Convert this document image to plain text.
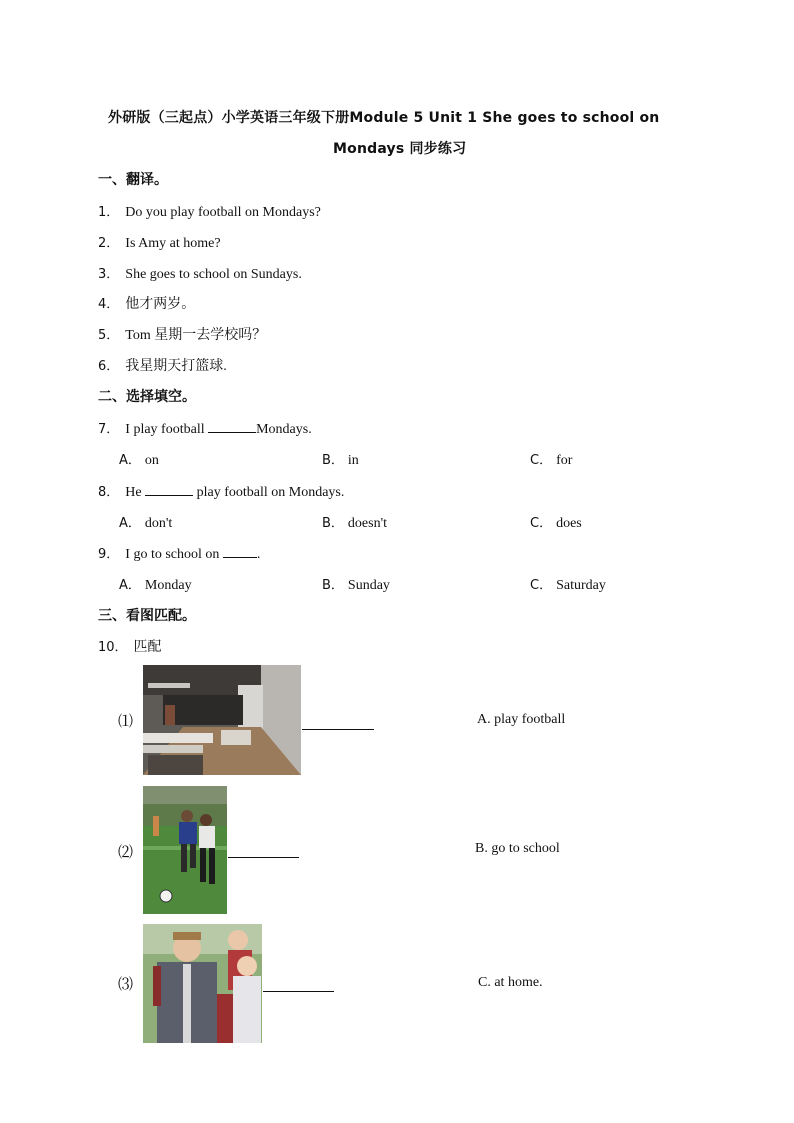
外研版（三起点）小学英语三年级下册Module 5 Unit 1 She goes to school on
Mondays 同步练习
一、翻译。
1． Do you play football on Mondays?
2． Is Amy at home?
3． She goes to school on Sundays.
4． 他才两岁。
5． Tom 星期一去学校吗？
6． 我星期天打篮球.
二、选择填空。
7． I play football	Mondays.
A． on	B． in	C． for
8． He	play football on Mondays.
A． don't	B． doesn't	C． does
9． I go to school on .
A． Monday	B． Sunday	C． Saturday
三、看图匹配。
10． 匹配
⑴	A. play football
⑵	B. go to school
⑶	C. at home.
